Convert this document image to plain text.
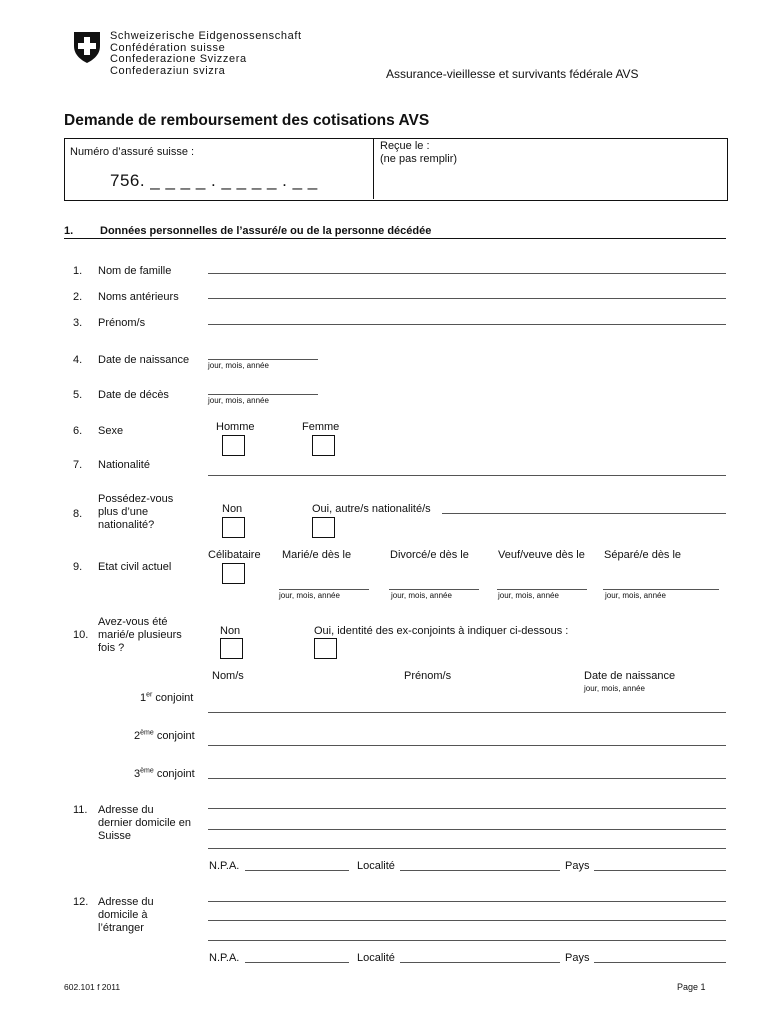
Schweizerische Eidgenossenschaft
Confédération suisse
Confederazione Svizzera
Confederaziun svizra	Assurance-vieillesse et survivants fédérale AVS
Demande de remboursement des cotisations AVS
Numéro d’assuré suisse :
756. _ _ _ _ . _ _ _ _ . _ _
Reçue le :
(ne pas remplir)
1. Données personnelles de l’assuré/e ou de la personne décédée
1. Nom de famille
2. Noms antérieurs
3. Prénom/s
4. Date de naissance jour, mois, année
5. Date de décès	jour, mois, année
6. Sexe	Homme	Femme
7. Nationalité
8.
Possédez-vous
plus d’une
nationalité?
Non	Oui, autre/s nationalité/s
9. Etat civil actuel
Célibataire Marié/e dès le
jour, mois, année
Divorcé/e dès le
jour, mois, année
Veuf/veuve dès le
jour, mois, année
Séparé/e dès le
jour, mois, année
10.
Avez-vous été
marié/e plusieurs
fois ?
Non	Oui, identité des ex-conjoints à indiquer ci-dessous :
Nom/s	Prénom/s	Date de naissance
jour, mois, année
1er conjoint
2ème conjoint
3ème conjoint
11. Adresse du
dernier domicile en
Suisse
N.P.A.	Localité	Pays
12. Adresse du
domicile à
l’étranger
N.P.A.	Localité	Pays
602.101 f 2011	Page 1
